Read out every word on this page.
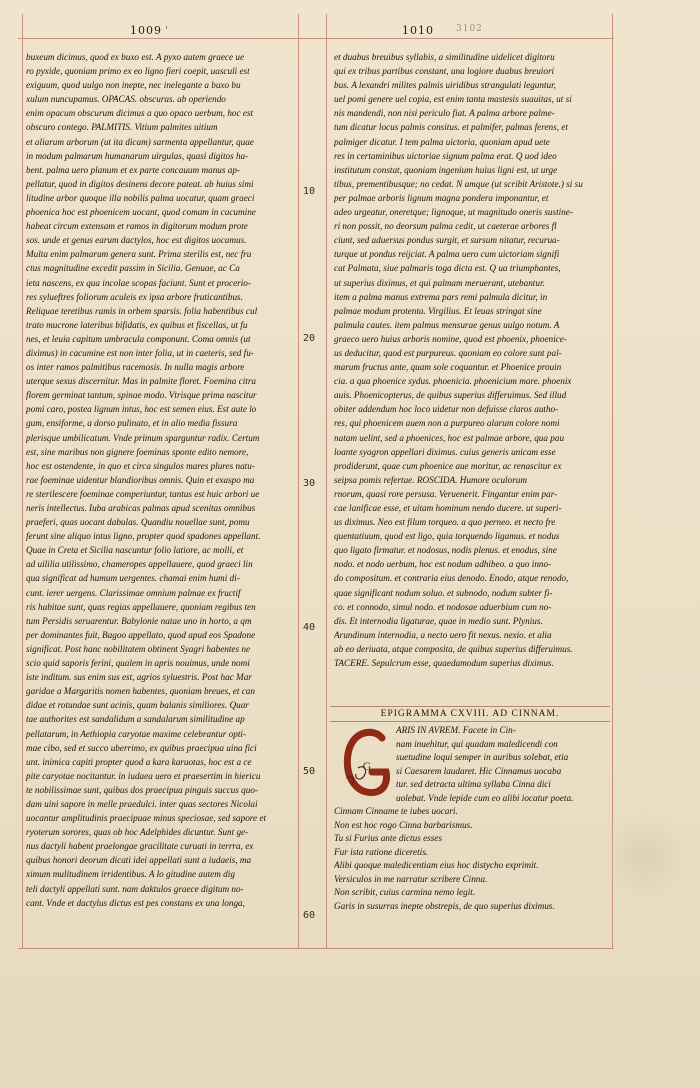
1009 '	1010 3102
10
20
30
40
50
60

buxeum dicimus, quod ex buxo est. A pyxo autem graece ue

ro pyxide, quoniam primo ex eo ligno fieri coepit, uasculi est

exiguum, quod uulgo non inepte, nec inelegante a buxo bu

xulum nuncupamus. OPACAS. obscuras. ab operiendo

enim opacum obscurum dicimus a quo opaco uerbum, hoc est

obscuro contego. PALMITIS. Vitium palmites uitium

et aliarum arborum (ut ita dicam) sarmenta appellantur, quae

in modum palmarum humanarum uirgulas, quasi digitos ha-

bent. palma uero planum et ex parte concauum manus ap-

pellatur, quod in digitos desinens decore pateat. ab huius simi

litudine arbor quoque illa nobilis palma uocatur, quam graeci

phoenica hoc est phoenicem uocant, quod comam in cacumine

habeat circum extensam et ramos in digitorum modum prote

sos. unde et genus earum dactylos, hoc est digitos uocamus.

Multa enim palmarum genera sunt. Prima sterilis est, nec fru

ctus magnitudine excedit passim in Sicilia. Genuae, ac Ca

ieta nascens, ex qua incolae scopas faciunt. Sunt et procerio-

res sylueftres foliorum aculeis ex ipsa arbore fruticantibus.

Reliquae teretibus ramis in orbem sparsis. folia habentibus cul

trato mucrone lateribus bifidatis, ex quibus et fiscellas, ut fu

nes, et leuia capitum umbracula componunt. Coma omnis (ut

diximus) in cacumine est non inter folia, ut in caeteris, sed fu-

os inter ramos palmitibus racemosis. In nulla magis arbore

uterque sexus discernitur. Mas in palmite floret. Foemina citra

florem germinat tantum, spinae modo. Vtrisque prima nascitur

pomi caro, postea lignum intus, hoc est semen eius. Est aute lo

gum, ensiforme, a dorso pulinato, et in alio media fissura

plerisque umbilicatum. Vnde primum sparguntur radix. Certum

est, sine maribus non gignere foeminas sponte edito nemore,

hoc est ostendente, in quo et circa singulos mares plures natu-

rae foeminae uidentur blandioribus omnis. Quin et exaspo ma

re sterilescere foeminae comperiuntur, tantus est huic arbori ue

neris intellectus. Iuba arabicas palmas apud scenitas omnibus

praeferi, quas uocant dabulas. Quandiu nouellae sunt, pomu

ferunt sine aliquo intus ligno, propter quod spadones appellant.

Quae in Creta et Sicilia nascuntur folio latiore, ac molli, et

ad uililia utilissimo, chameropes appellauere, quod graeci lin

qua significat ad humum uergentes. chamai enim humi di-

cunt. ierer uergens. Clarissimae omnium palmae ex fructif

ris habitae sunt, quas regias appellauere, quoniam regibus ten

tum Persidis seruarentur. Babylonie natae uno in horto, a qm

per dominantes fuit, Bagoo appellato, quod apud eos Spadone

significat. Post hanc nobilitatem obtinent Syagri habentes ne

scio quid saporis ferini, qualem in apris nouimus, unde nomi

iste inditum. sus enim sus est, agrios syluestris. Post hac Mar

garidae a Margaritis nomen habentes, quoniam breues, et can

didae et rotundae sunt acinis, quam balanis similiores. Quar

tae authorites est sandalidum a sandalarum similitudine ap

pellatarum, in Aethiopia caryotae maxime celebrantur opti-

mae cibo, sed et succo uberrimo, ex quibus praecipua uina fici

unt. inimica capiti propter quod a kara karuotas, hoc est a ce

pite caryotae nocitantur. in iudaea uero et praesertim in hiericu

te nobilissimae sunt, quibus dos praecipua pinguis succus quo-

dam uini sapore in melle praedulci. inter quas sectores Nicolai

uocantur amplitudinis praecipuae minus speciosae, sed sapore et

ryoterum sorores, quas ob hoc Adelphides dicuntur. Sunt ge-

nus dactyli habent praelongae gracilitate curuati in terrra, ex

quibus honori deorum dicati idei appellati sunt a iudaeis, ma

ximum mulitudinem irridentibus. A lo gitudine autem dig

teli dactyli appellati sunt. nam daktulos graece digitum no-

cant. Vnde et dactylus dictus est pes constans ex una longa,

et duabus breuibus syllabis, a similitudine uidelicet digitoru

qui ex tribus partibus constant, una logiore duabus breuiori

bus. A lexandri milites palmis uiridibus strangulati leguntur,

uel pomi genere uel copia, est enim tanta mastesis suauitas, ut si

nis mandendi, non nisi periculo fiat. A palma arbore palme-

tum dicatur locus palmis consitus. et palmifer, palmas ferens, et

palmiger dicatur. I tem palma uictoria, quoniam apud uete

res in certaminibus uictoriae signum palma erat. Q uod ideo

institutum constat, quoniam ingenium huius ligni est, ut urge

tibus, prementibusque; no cedat. N amque (ut scribit Aristote.) si su

per palmae arboris lignum magna pondera imponantur, et

adeo urgeatur, oneretque; lignoque, ut magnitudo oneris sustine-

ri non possit, no deorsum palma cedit, ut caeterae arbores fl

ciunt, sed aduersus pondus surgit, et sursum nitatur, recurua-

turque ut pondus reijciat. A palma uero cum uictoriam signifi

cat Palmata, siue palmaris toga dicta est. Q ua triumphantes,

ut superius diximus, et qui palmam meruerant, utebantur.

item a palma manus extrema pars remi palmula dicitur, in

palmae modum protenta. Virgilius. Et leuas stringat sine

palmula cautes. item palmus mensurae genus uulgo notum. A

graeco uero huius arboris nomine, quod est phoenix, phoenice-

us deducitur, quod est purpureus. quoniam eo colore sunt pal-

marum fructus ante, quam sole coquantur. et Phoenice prouin

cia. a qua phoenice sydus. phoenicia. phoenicium mare. phoenix

auis. Phoenicopterus, de quibus superius differuimus. Sed illud

obiter addendum hoc loco uidetur non defuisse claros autho-

res, qui phoenicem auem non a purpureo alarum colore nomi

natam uelint, sed a phoenices, hoc est palmae arbore, qua pau

loante syagron appellari diximus. cuius generis unicam esse

prodiderunt, quae cum phoenice aue moritur, ac renascitur ex

seipsa pomis refertae. ROSCIDA. Humore oculorum

rnorum, quasi rore persusa. Veruenerit. Fingantur enim par-

cae lanificae esse, et uitam hominum nendo ducere. ut superi-

us diximus. Neo est filum torqueo. a quo perneo. et necto fre

quentatiuum, quod est ligo, quia torquendo ligamus. et nodus

quo ligato firmatur. et nodosus, nodis plenus. et enodus, sine

nodo. et nodo uerbum, hoc est nodum adhibeo. a quo inno-

do compositum. et contraria eius denodo. Enodo, atque renodo,

quae significant nodum soluo. et subnodo, nodum subter fi-

co. et connodo, simul nodo. et nodosae aduerbium cum no-

dis. Et internodia ligaturae, quae in medio sunt. Plynius.

Arundinum internodia, a necto uero fit nexus. nexio. et alia

ab eo deriuata, atque composita, de quibus superius differuimus.

TACERE. Sepulcrum esse, quaedamodum superius diximus.

EPIGRAMMA CXVIII. AD CINNAM.
G

ARIS IN AVREM. Facete in Cin-

nam inuehitur, qui quadam maledicendi con

suetudine loqui semper in auribus solebat, etia

si Caesarem laudaret. Hic Cinnamus uocaba

tur. sed detracta ultima syllaba Cinna dici

uolebat. Vnde lepide cum eo alibi iocatur poeta.

Cinnam Cinname te iubes uocari.

Non est hoc rogo Cinna barbarismus.

Tu si Furius ante dictus esses

Fur ista ratione diceretis.

Alibi quoque maledicentiam eius hoc distycho exprimit.

Versiculos in me narratur scribere Cinna.

Non scribit, cuius carmina nemo legit.

Garis in susurras inepte obstrepis, de quo superius diximus.
